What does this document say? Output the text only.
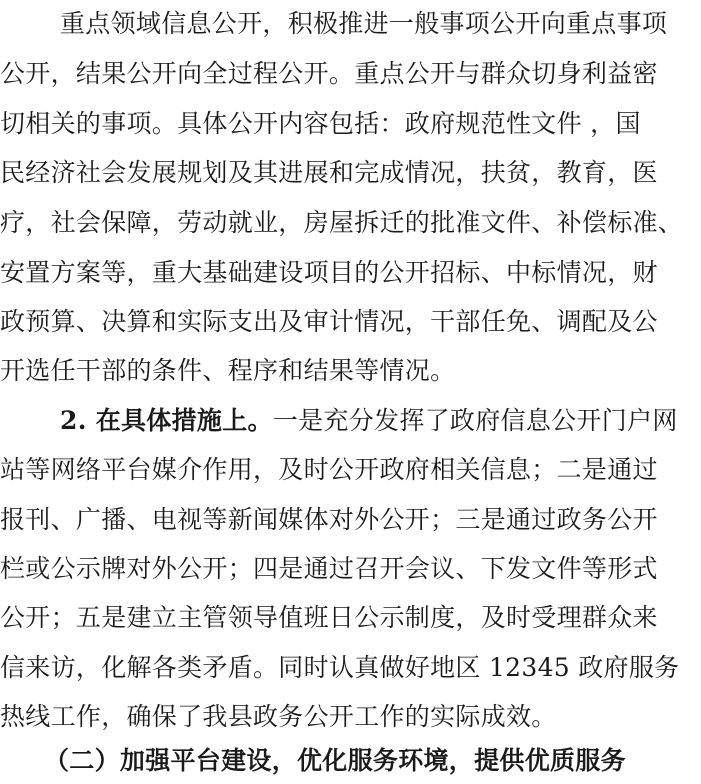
重点领域信息公开，积极推进一般事项公开向重点事项
公开，结果公开向全过程公开。重点公开与群众切身利益密
切相关的事项。具体公开内容包括：政府规范性文件 ，国
民经济社会发展规划及其进展和完成情况，扶贫，教育，医
疗，社会保障，劳动就业，房屋拆迁的批准文件、补偿标准、
安置方案等，重大基础建设项目的公开招标、中标情况，财
政预算、决算和实际支出及审计情况，干部任免、调配及公
开选任干部的条件、程序和结果等情况。
2. 在具体措施上。一是充分发挥了政府信息公开门户网
站等网络平台媒介作用，及时公开政府相关信息；二是通过
报刊、广播、电视等新闻媒体对外公开；三是通过政务公开
栏或公示牌对外公开；四是通过召开会议、下发文件等形式
公开；五是建立主管领导值班日公示制度，及时受理群众来
信来访，化解各类矛盾。同时认真做好地区 12345 政府服务
热线工作，确保了我县政务公开工作的实际成效。
（二）加强平台建设，优化服务环境，提供优质服务
